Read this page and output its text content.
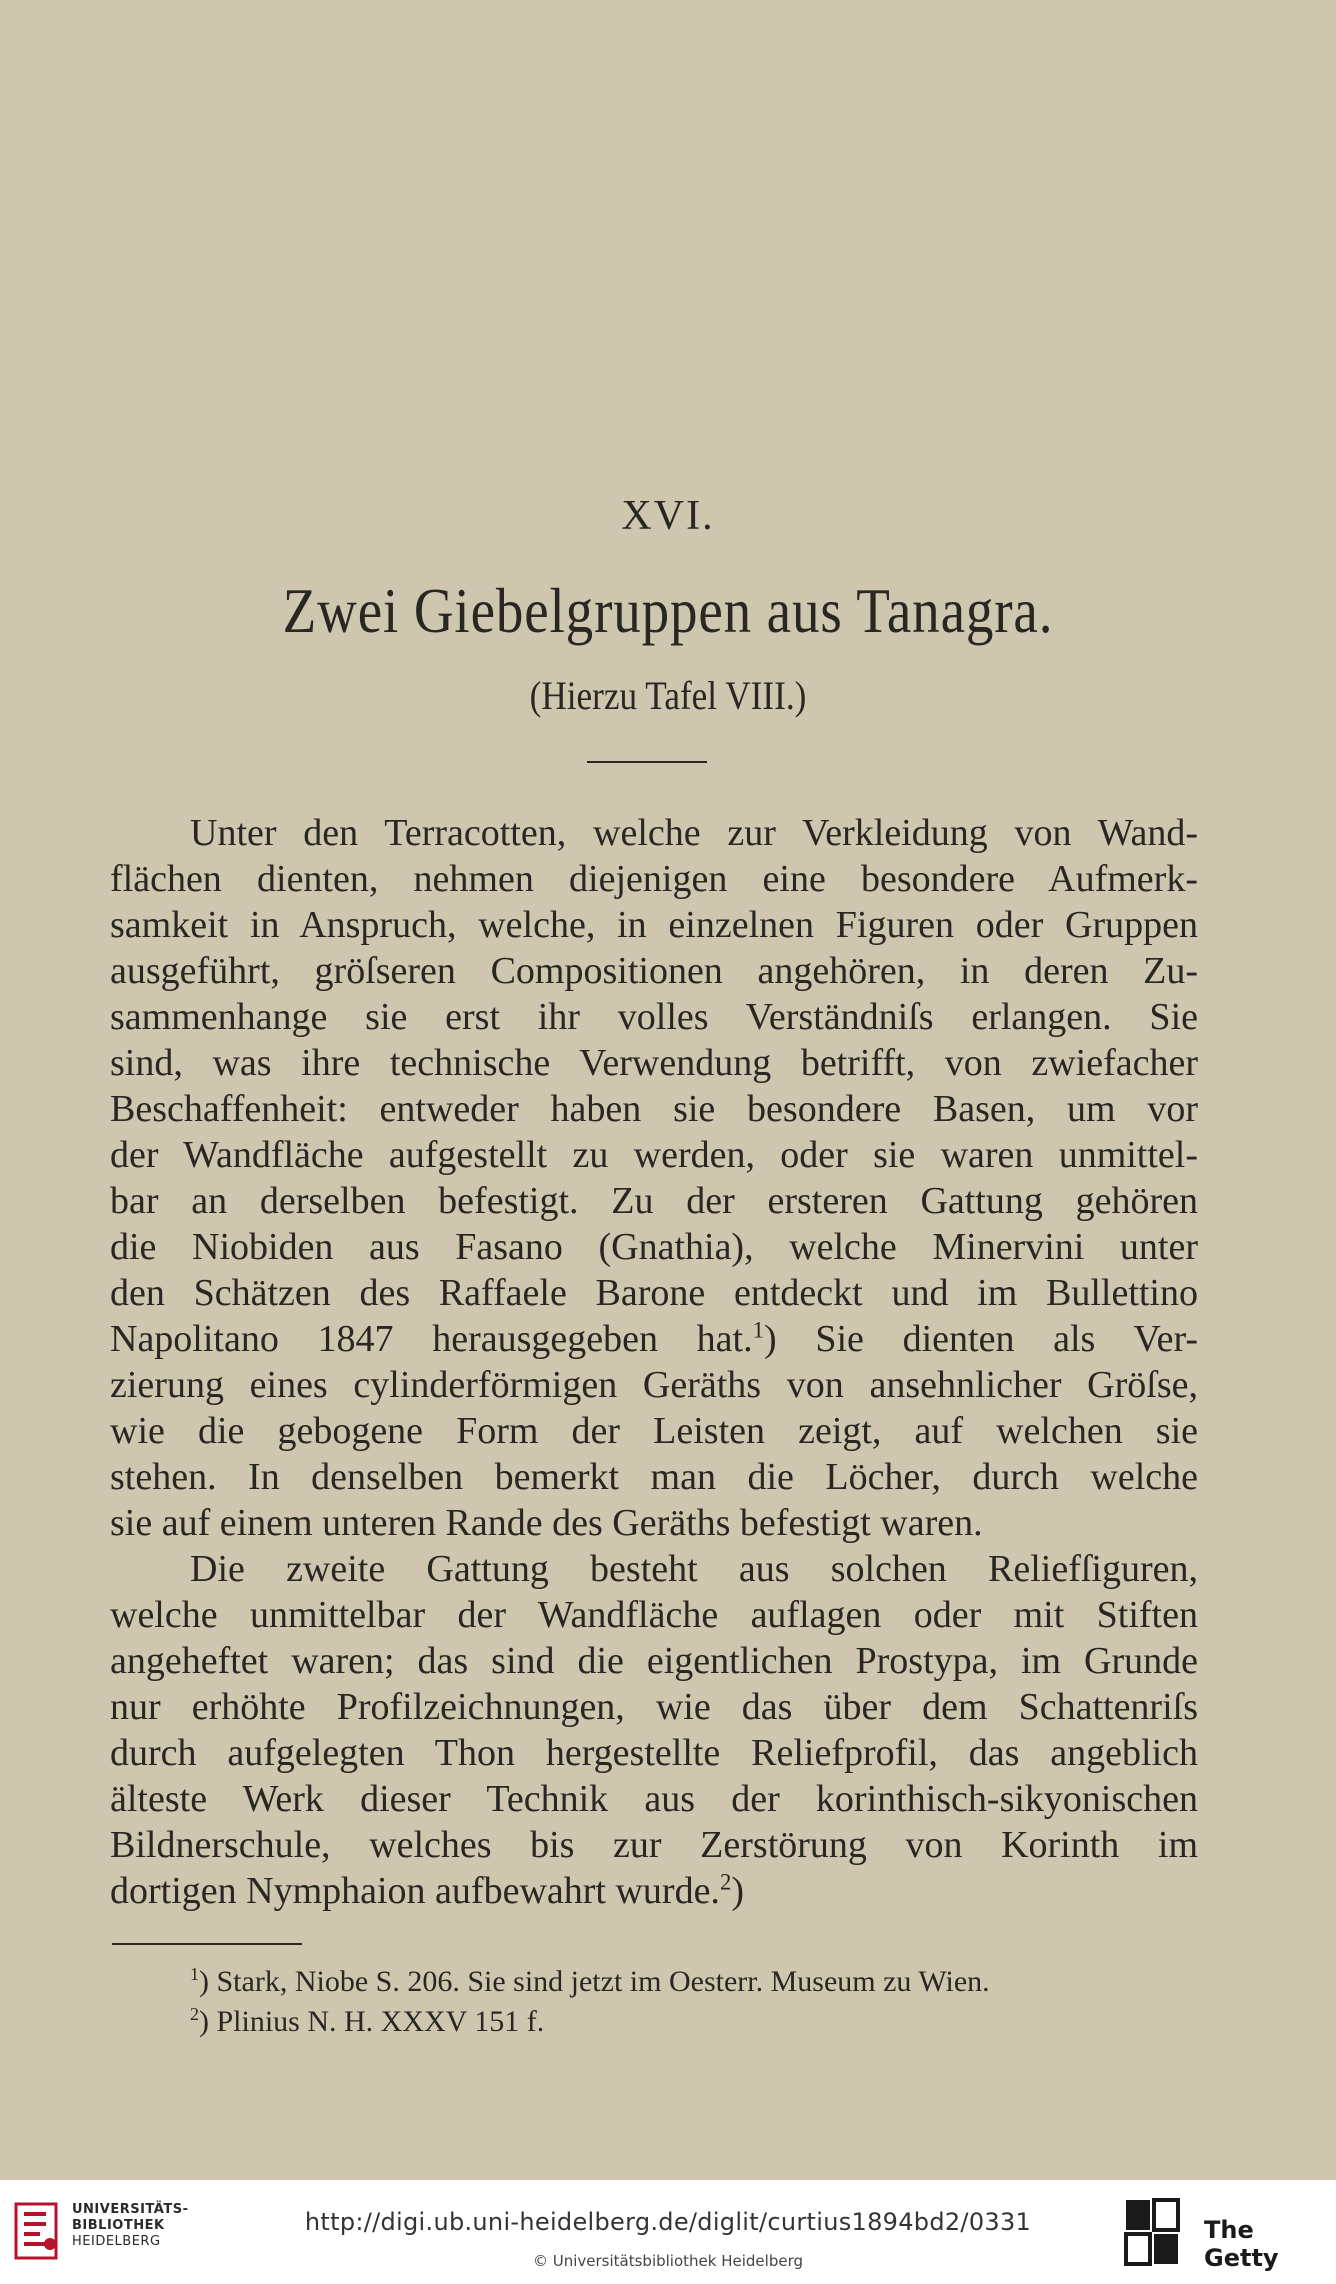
XVI.
Zwei Giebelgruppen aus Tanagra.
(Hierzu Tafel VIII.)
Unter den Terracotten, welche zur Verkleidung von Wand-
flächen dienten, nehmen diejenigen eine besondere Aufmerk-
samkeit in Anspruch, welche, in einzelnen Figuren oder Gruppen
ausgeführt, gröſseren Compositionen angehören, in deren Zu-
sammenhange sie erst ihr volles Verständniſs erlangen. Sie
sind, was ihre technische Verwendung betrifft, von zwiefacher
Beschaffenheit: entweder haben sie besondere Basen, um vor
der Wandfläche aufgestellt zu werden, oder sie waren unmittel-
bar an derselben befestigt. Zu der ersteren Gattung gehören
die Niobiden aus Fasano (Gnathia), welche Minervini unter
den Schätzen des Raffaele Barone entdeckt und im Bullettino
Napolitano 1847 herausgegeben hat.$^1$) Sie dienten als Ver-
zierung eines cylinderförmigen Geräths von ansehnlicher Gröſse,
wie die gebogene Form der Leisten zeigt, auf welchen sie
stehen. In denselben bemerkt man die Löcher, durch welche
sie auf einem unteren Rande des Geräths befestigt waren.
Die zweite Gattung besteht aus solchen Reliefſiguren,
welche unmittelbar der Wandfläche auflagen oder mit Stiften
angeheftet waren; das sind die eigentlichen Prostypa, im Grunde
nur erhöhte Profilzeichnungen, wie das über dem Schattenriſs
durch aufgelegten Thon hergestellte Reliefprofil, das angeblich
älteste Werk dieser Technik aus der korinthisch-sikyonischen
Bildnerschule, welches bis zur Zerstörung von Korinth im
dortigen Nymphaion aufbewahrt wurde.$^2$)
$^1$) Stark, Niobe S. 206. Sie sind jetzt im Oesterr. Museum zu Wien.
$^2$) Plinius N. H. XXXV 151 f.
UNIVERSITÄTS-
BIBLIOTHEK
HEIDELBERG
http://digi.ub.uni-heidelberg.de/diglit/curtius1894bd2/0331
© Universitätsbibliothek Heidelberg
The Getty
